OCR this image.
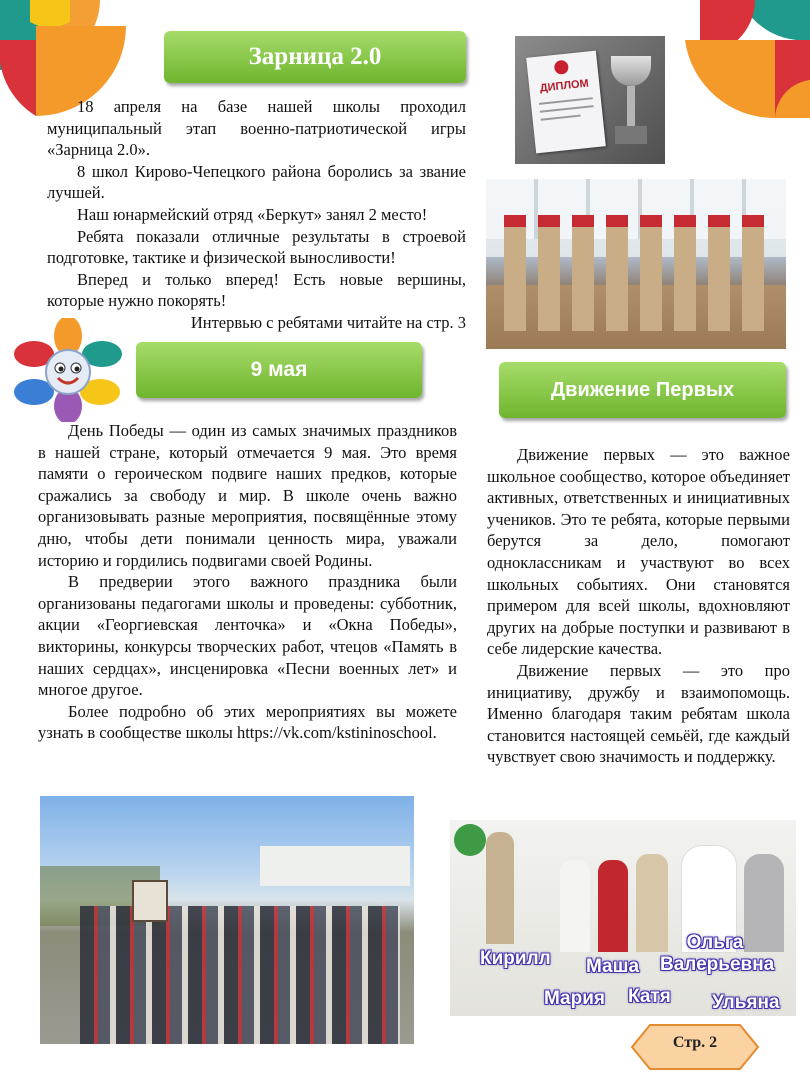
Зарница 2.0

18 апреля на базе нашей школы проходил муниципальный этап военно-патриотической игры «Зарница 2.0».

8 школ Кирово-Чепецкого района боролись за звание лучшей.

Наш юнармейский отряд «Беркут» занял 2 место!

Ребята показали отличные результаты в строевой подготовке, тактике и физической выносливости!

Вперед и только вперед! Есть новые вершины, которые нужно покорять!

Интервью с ребятами читайте на стр. 3

ДИПЛОМ
9 мая
Движение Первых

День Победы — один из самых значимых праздников в нашей стране, который отмечается 9 мая. Это время памяти о героическом подвиге наших предков, которые сражались за свободу и мир. В школе очень важно организовывать разные мероприятия, посвящённые этому дню, чтобы дети понимали ценность мира, уважали историю и гордились подвигами своей Родины.

В предверии этого важного праздника были организованы педагогами школы и проведены: субботник, акции «Георгиевская ленточка» и «Окна Победы», викторины, конкурсы творческих работ, чтецов «Память в наших сердцах», инсценировка «Песни военных лет» и многое другое.

Более подробно об этих мероприятиях вы можете узнать в сообществе школы https://vk.com/kstininoschool.

Движение первых — это важное школьное сообщество, которое объединяет активных, ответственных и инициативных учеников. Это те ребята, которые первыми берутся за дело, помогают одноклассникам и участвуют во всех школьных событиях. Они становятся примером для всей школы, вдохновляют других на добрые поступки и развивают в себе лидерские качества.

Движение первых — это про инициативу, дружбу и взаимопомощь. Именно благодаря таким ребятам школа становится настоящей семьёй, где каждый чувствует свою значимость и поддержку.

Кирилл Маша
Ольга Валерьевна
Мария Катя Ульяна
Стр. 2
